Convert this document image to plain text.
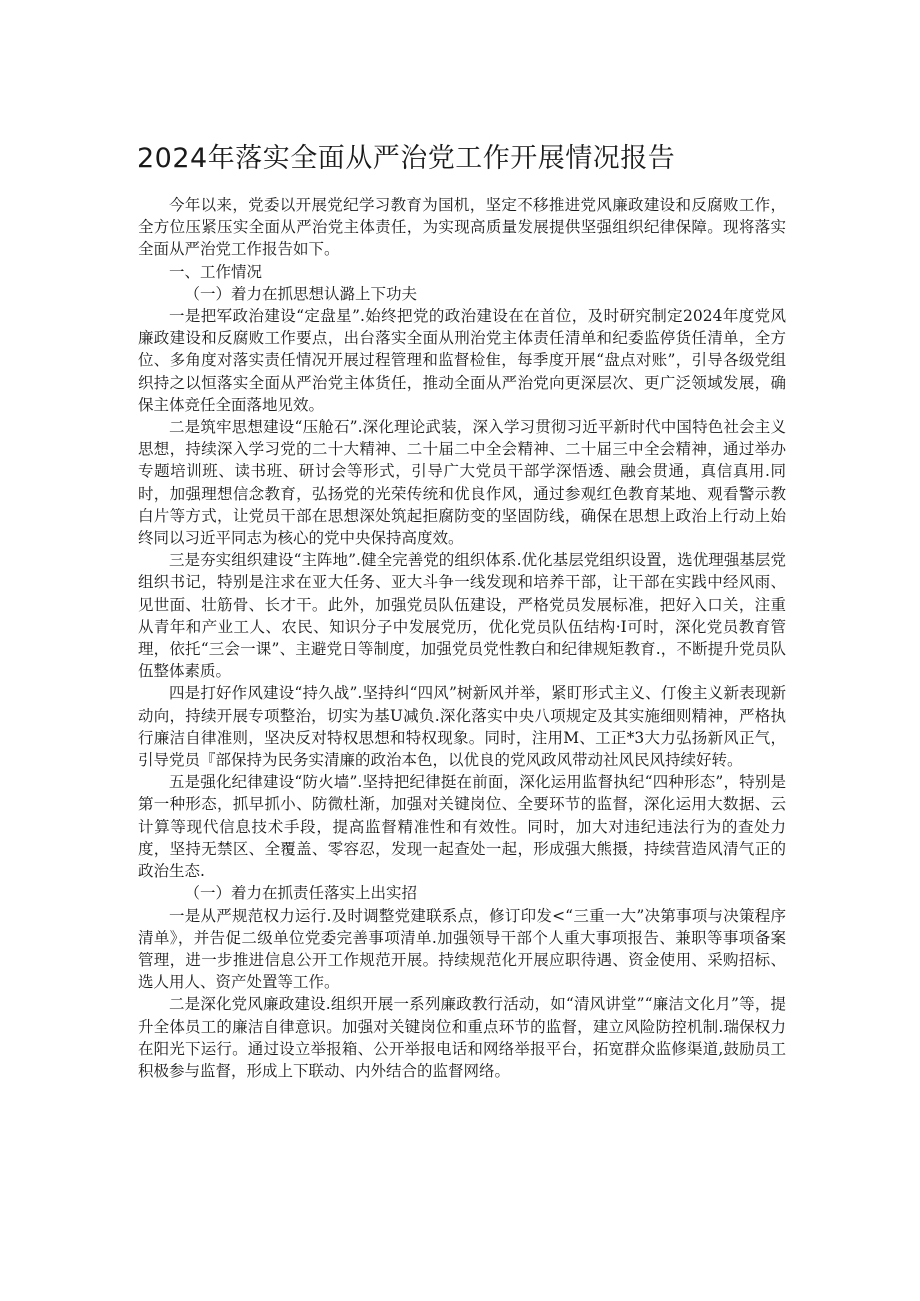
2024年落实全面从严治党工作开展情况报告

今年以来，党委以开展党纪学习教育为国机，坚定不移推进党风廉政建设和反腐败工作，全方位压紧压实全面从严治党主体责任，为实现高质量发展提供坚强组织纪律保障。现将落实全面从严治党工作报告如下。

一、工作情况

（一）着力在抓思想认潞上下功夫

一是把军政治建设“定盘星”.始终把党的政治建设在在首位，及时研究制定2024年度党风廉政建设和反腐败工作要点，出台落实全面从刑治党主体责任清单和纪委监停货任清单，全方位、多角度对落实责任情况开展过程管理和监督检隹，每季度开展“盘点对账”，引导各级党组织持之以恒落实全面从严治党主体货任，推动全面从严治党向更深层次、更广泛领域发展，确保主体竞任全面落地见效。

二是筑牢思想建设“压舱石”.深化理论武装，深入学习贯彻习近平新时代中国特色社会主义思想，持续深入学习党的二十大精神、二十届二中全会精神、二十届三中全会精神，通过举办专题培训班、读书班、研讨会等形式，引导广大党员干部学深悟透、融会贯通，真信真用.同时，加强理想信念教育，弘扬党的光荣传统和优良作风，通过参观红色教育某地、观看警示教白片等方式，让党员干部在思想深处筑起拒腐防变的坚固防线，确保在思想上政治上行动上始终同以习近平同志为核心的党中央保持高度效。

三是夯实组织建设“主阵地”.健全完善党的组织体系.优化基层党组织设置，选优理强基层党组织书记，特别是注求在亚大任务、亚大斗争一线发现和培养干部，让干部在实践中经风雨、见世面、壮筋骨、长才干。此外，加强党员队伍建设，严格党员发展标准，把好入口关，注重从青年和产业工人、农民、知识分子中发展党历，优化党员队伍结构·I可时，深化党员教育管理，依托“三会一课”、主避党日等制度，加强党员党性教白和纪律规矩教育.，不断提升党员队伍整体素质。

四是打好作风建设“持久战”.坚持纠“四风”树新风并举，紧盯形式主义、仃俊主义新表现新动向，持续开展专项整治，切实为基U减负.深化落实中央八项规定及其实施细则精神，严格执行廉洁自律准则，坚决反对特权思想和特权现象。同时，注用M、工正*3大力弘扬新风正气，引导党员『部保持为民务实清廉的政治本色，以优良的党风政风带动社风民风持续好转。

五是强化纪律建设“防火墙”.坚持把纪律挺在前面，深化运用监督执纪“四种形态”，特别是第一种形态，抓早抓小、防微杜渐，加强对关键岗位、全要环节的监督，深化运用大数据、云计算等现代信息技术手段，提高监督精准性和有效性。同时，加大对违纪违法行为的查处力度，坚持无禁区、全覆盖、零容忍，发现一起查处一起，形成强大熊摄，持续营造风清气正的政治生态.

（一）着力在抓责任落实上出实招

一是从严规范权力运行.及时调整党建联系点，修订印发<“三重一大”决第事项与决策程序清单》，并告促二级单位党委完善事项清单.加强领导干部个人重大事项报告、兼职等事项备案管理，进一步推进信息公开工作规范开展。持续规范化开展应职待遇、资金使用、采购招标、选人用人、资产处置等工作。

二是深化党风廉政建设.组织开展一系列廉政教行活动，如“清风讲堂”“廉洁文化月”等，提升全体员工的廉洁自律意识。加强对关键岗位和重点环节的监督，建立风险防控机制.瑞保权力在阳光下运行。通过设立举报箱、公开举报电话和网络举报平台，拓宽群众监修渠道,鼓励员工积极参与监督，形成上下联动、内外结合的监督网络。
